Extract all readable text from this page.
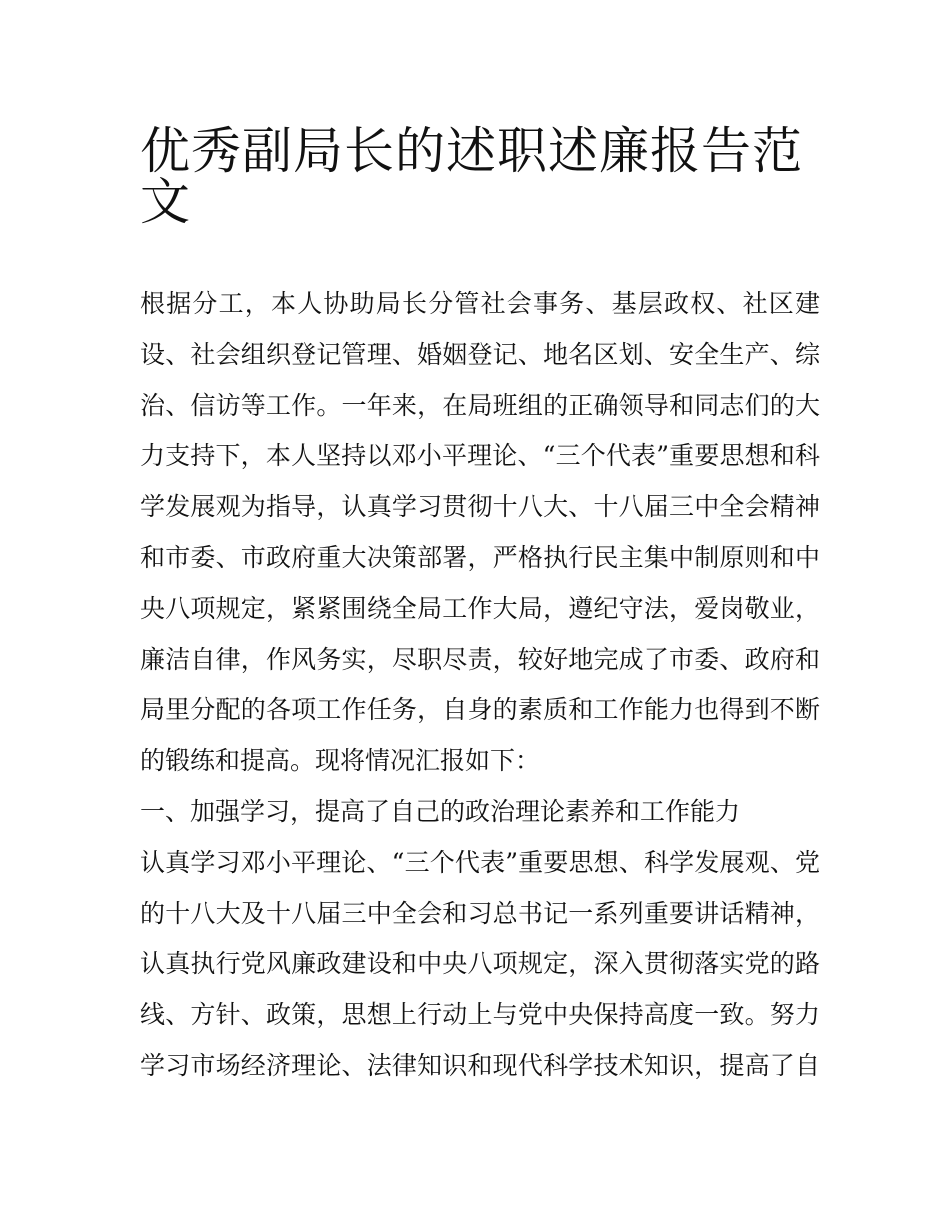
优秀副局长的述职述廉报告范
文
根据分工，本人协助局长分管社会事务、基层政权、社区建
设、社会组织登记管理、婚姻登记、地名区划、安全生产、综
治、信访等工作。一年来，在局班组的正确领导和同志们的大
力支持下，本人坚持以邓小平理论、“三个代表”重要思想和科
学发展观为指导，认真学习贯彻十八大、十八届三中全会精神
和市委、市政府重大决策部署，严格执行民主集中制原则和中
央八项规定，紧紧围绕全局工作大局，遵纪守法，爱岗敬业，
廉洁自律，作风务实，尽职尽责，较好地完成了市委、政府和
局里分配的各项工作任务，自身的素质和工作能力也得到不断
的锻练和提高。现将情况汇报如下：
一、加强学习，提高了自己的政治理论素养和工作能力
认真学习邓小平理论、“三个代表”重要思想、科学发展观、党
的十八大及十八届三中全会和习总书记一系列重要讲话精神，
认真执行党风廉政建设和中央八项规定，深入贯彻落实党的路
线、方针、政策，思想上行动上与党中央保持高度一致。努力
学习市场经济理论、法律知识和现代科学技术知识，提高了自
